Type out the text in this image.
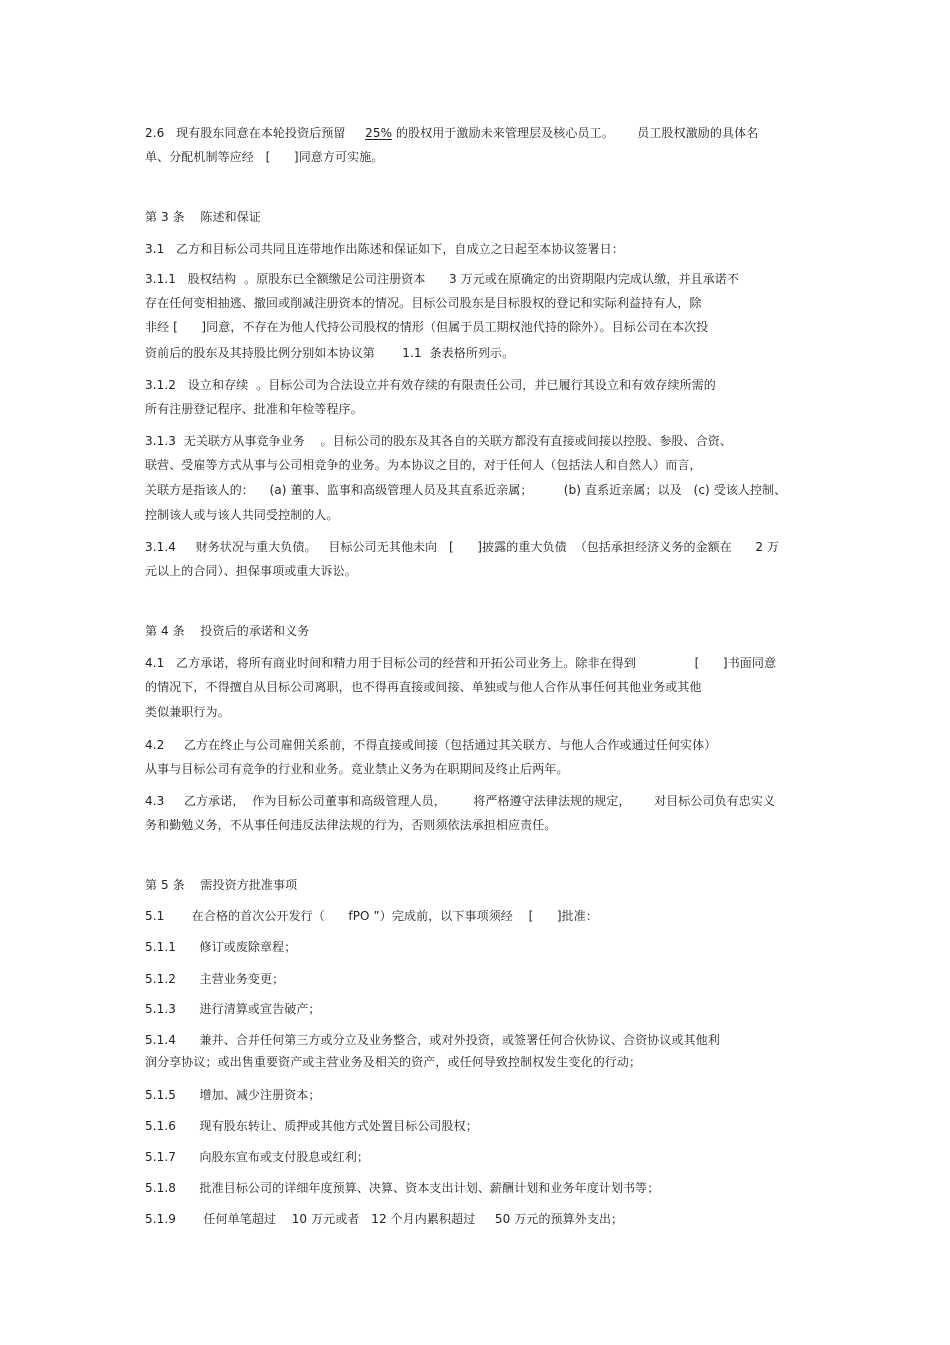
2.6   现有股东同意在本轮投资后预留     25% 的股权用于激励未来管理层及核心员工。      员工股权激励的具体名

单、分配机制等应经   [      ]同意方可实施。

第 3 条    陈述和保证

3.1   乙方和目标公司共同且连带地作出陈述和保证如下，自成立之日起至本协议签署日：

3.1.1   股权结构  。原股东已全额缴足公司注册资本      3 万元或在原确定的出资期限内完成认缴，并且承诺不

存在任何变相抽逃、撤回或削减注册资本的情况。目标公司股东是目标股权的登记和实际利益持有人，除

非经 [      ]同意，不存在为他人代持公司股权的情形（但属于员工期权池代持的除外）。目标公司在本次投

资前后的股东及其持股比例分别如本协议第       1.1  条表格所列示。

3.1.2   设立和存续  。目标公司为合法设立并有效存续的有限责任公司，并已履行其设立和有效存续所需的

所有注册登记程序、批准和年检等程序。

3.1.3  无关联方从事竞争业务    。目标公司的股东及其各自的关联方都没有直接或间接以控股、参股、合资、

联营、受雇等方式从事与公司相竞争的业务。为本协议之目的，对于任何人（包括法人和自然人）而言，

关联方是指该人的：    (a) 董事、监事和高级管理人员及其直系近亲属；        (b) 直系近亲属；以及   (c) 受该人控制、

控制该人或与该人共同受控制的人。

3.1.4     财务状况与重大负债。   目标公司无其他未向   [      ]披露的重大负债  （包括承担经济义务的金额在      2 万

元以上的合同）、担保事项或重大诉讼。

第 4 条    投资后的承诺和义务

4.1   乙方承诺，将所有商业时间和精力用于目标公司的经营和开拓公司业务上。除非在得到               [      ]书面同意

的情况下，不得擅自从目标公司离职，也不得再直接或间接、单独或与他人合作从事任何其他业务或其他

类似兼职行为。

4.2     乙方在终止与公司雇佣关系前，不得直接或间接（包括通过其关联方、与他人合作或通过任何实体）

从事与目标公司有竞争的行业和业务。竞业禁止义务为在职期间及终止后两年。

4.3     乙方承诺，  作为目标公司董事和高级管理人员，       将严格遵守法律法规的规定，      对目标公司负有忠实义

务和勤勉义务，不从事任何违反法律法规的行为，否则须依法承担相应责任。

第 5 条    需投资方批准事项

5.1       在合格的首次公开发行（      fPO ”）完成前，以下事项须经    [      ]批准：

5.1.1      修订或废除章程；

5.1.2      主营业务变更；

5.1.3      进行清算或宣告破产；

5.1.4      兼并、合并任何第三方或分立及业务整合，或对外投资，或签署任何合伙协议、合资协议或其他利

润分享协议；或出售重要资产或主营业务及相关的资产，或任何导致控制权发生变化的行动；

5.1.5      增加、减少注册资本；

5.1.6      现有股东转让、质押或其他方式处置目标公司股权；

5.1.7      向股东宣布或支付股息或红利；

5.1.8      批准目标公司的详细年度预算、决算、资本支出计划、薪酬计划和业务年度计划书等；

5.1.9       任何单笔超过    10 万元或者   12 个月内累积超过     50 万元的预算外支出；
